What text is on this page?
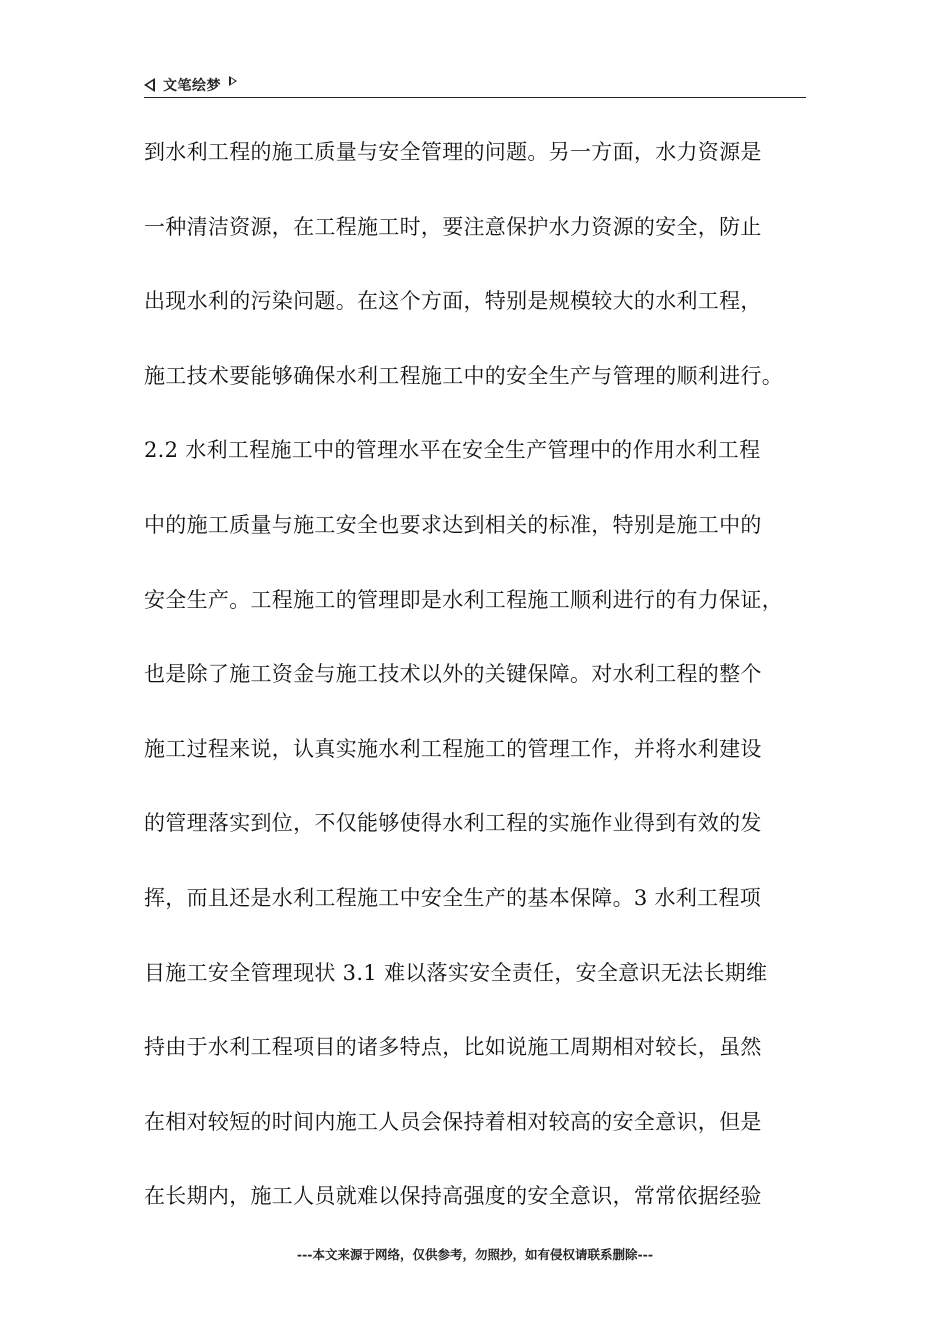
文笔绘梦
到水利工程的施工质量与安全管理的问题。另一方面，水力资源是
一种清洁资源，在工程施工时，要注意保护水力资源的安全，防止
出现水利的污染问题。在这个方面，特别是规模较大的水利工程，
施工技术要能够确保水利工程施工中的安全生产与管理的顺利进行。
2.2 水利工程施工中的管理水平在安全生产管理中的作用水利工程
中的施工质量与施工安全也要求达到相关的标准，特别是施工中的
安全生产。工程施工的管理即是水利工程施工顺利进行的有力保证，
也是除了施工资金与施工技术以外的关键保障。对水利工程的整个
施工过程来说，认真实施水利工程施工的管理工作，并将水利建设
的管理落实到位，不仅能够使得水利工程的实施作业得到有效的发
挥，而且还是水利工程施工中安全生产的基本保障。3 水利工程项
目施工安全管理现状 3.1 难以落实安全责任，安全意识无法长期维
持由于水利工程项目的诸多特点，比如说施工周期相对较长，虽然
在相对较短的时间内施工人员会保持着相对较高的安全意识，但是
在长期内，施工人员就难以保持高强度的安全意识，常常依据经验
---本文来源于网络，仅供参考，勿照抄，如有侵权请联系删除---
